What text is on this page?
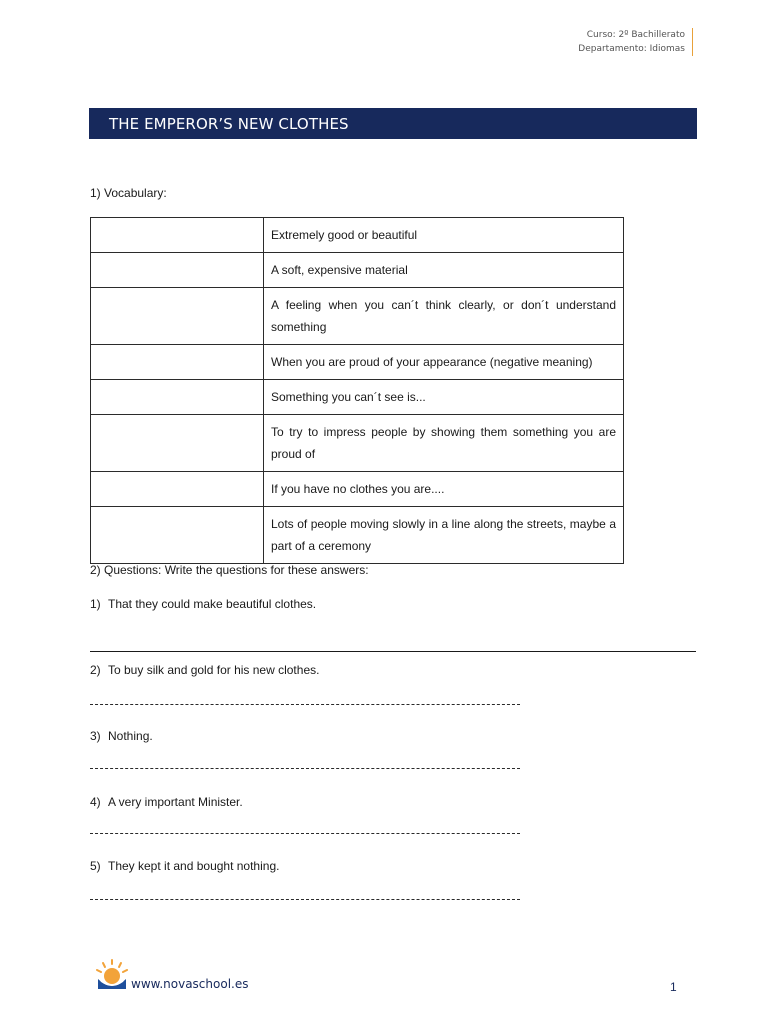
Curso: 2º Bachillerato
Departamento: Idiomas
THE EMPEROR’S NEW CLOTHES
1) Vocabulary:
	Extremely good or beautiful
	A soft, expensive material
	A feeling when you can´t think clearly, or don´t understand something
	When you are proud of your appearance (negative meaning)
	Something you can´t see is...
	To try to impress people by showing them something you are proud of
	If you have no clothes you are....
	Lots of people moving slowly in a line along the streets, maybe a part of a ceremony
2) Questions: Write the questions for these answers:
1) That they could make beautiful clothes.
2) To buy silk and gold for his new clothes.
3) Nothing.
4) A very important Minister.
5) They kept it and bought nothing.
www.novaschool.es	1
